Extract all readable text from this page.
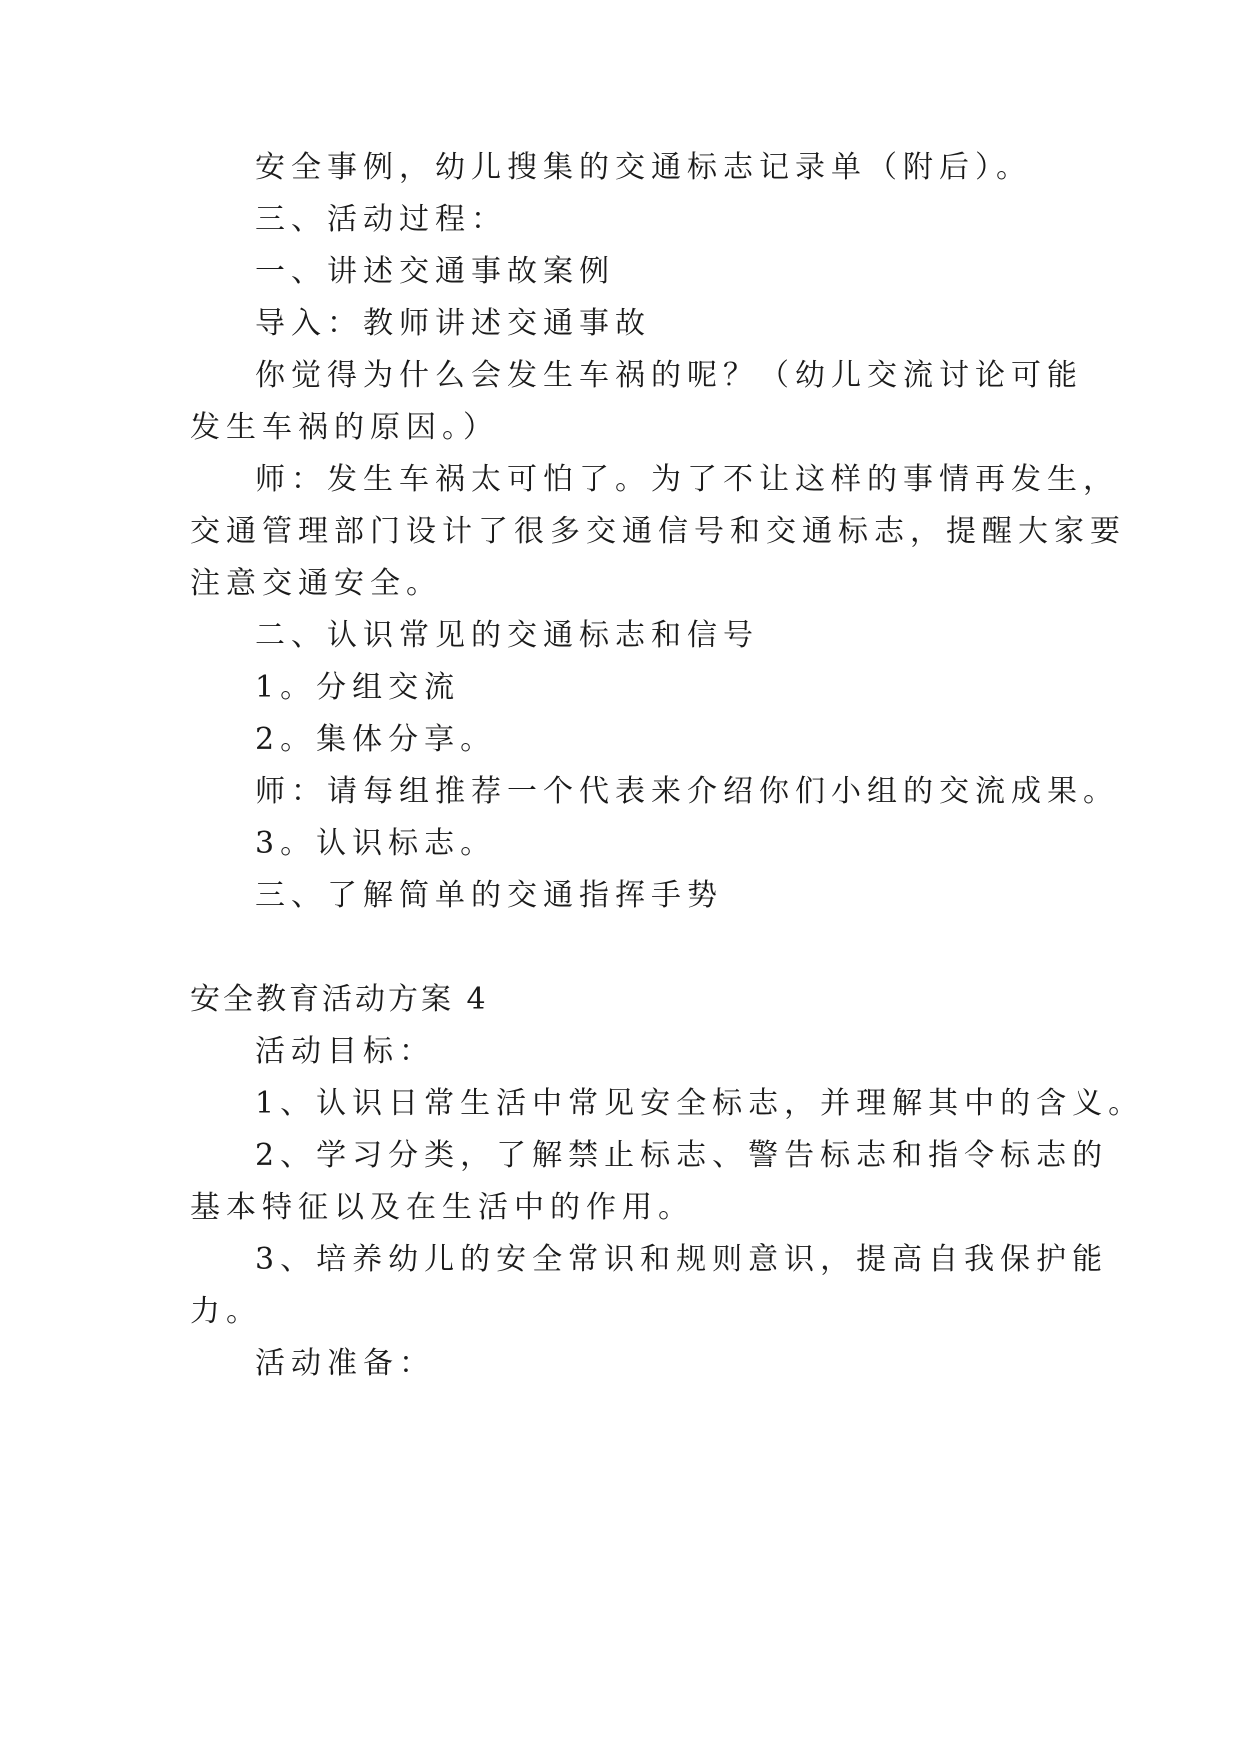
安全事例，幼儿搜集的交通标志记录单（附后）。
三、活动过程：
一、讲述交通事故案例
导入：教师讲述交通事故
你觉得为什么会发生车祸的呢？（幼儿交流讨论可能
发生车祸的原因。）
师：发生车祸太可怕了。为了不让这样的事情再发生，
交通管理部门设计了很多交通信号和交通标志，提醒大家要
注意交通安全。
二、认识常见的交通标志和信号
1。分组交流
2。集体分享。
师：请每组推荐一个代表来介绍你们小组的交流成果。
3。认识标志。
三、了解简单的交通指挥手势
安全教育活动方案 4
活动目标：
1、认识日常生活中常见安全标志，并理解其中的含义。
2、学习分类，了解禁止标志、警告标志和指令标志的
基本特征以及在生活中的作用。
3、培养幼儿的安全常识和规则意识，提高自我保护能
力。
活动准备：
